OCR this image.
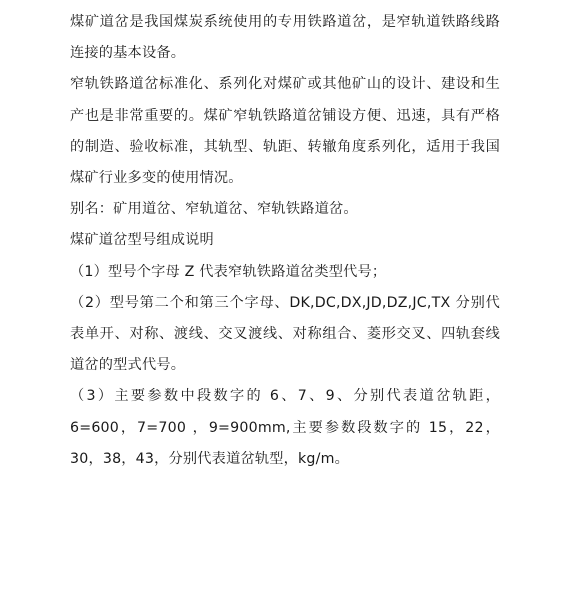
煤矿道岔是我国煤炭系统使用的专用铁路道岔，是窄轨道铁路线路连接的基本设备。

窄轨铁路道岔标准化、系列化对煤矿或其他矿山的设计、建设和生产也是非常重要的。煤矿窄轨铁路道岔铺设方便、迅速，具有严格的制造、验收标准，其轨型、轨距、转辙角度系列化，适用于我国煤矿行业多变的使用情况。

别名：矿用道岔、窄轨道岔、窄轨铁路道岔。

煤矿道岔型号组成说明

（1）型号个字母 Z 代表窄轨铁路道岔类型代号；

（2）型号第二个和第三个字母、DK,DC,DX,JD,DZ,JC,TX 分别代表单开、对称、渡线、交叉渡线、对称组合、菱形交叉、四轨套线道岔的型式代号。

（3）主要参数中段数字的 6、7、9、分别代表道岔轨距，6=600，7=700 ，9=900mm,主要参数段数字的 15，22，30，38，43，分别代表道岔轨型，kg/m。
